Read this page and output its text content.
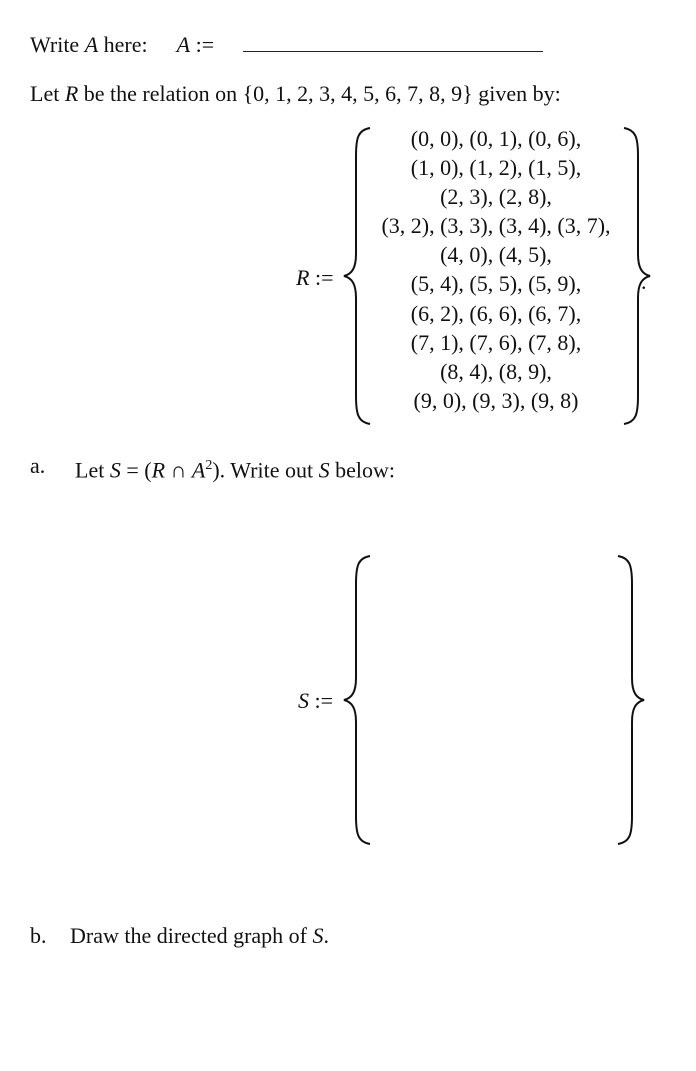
Write A here: A :=
Let R be the relation on {0, 1, 2, 3, 4, 5, 6, 7, 8, 9} given by:
R :=
(0, 0), (0, 1), (0, 6),
(1, 0), (1, 2), (1, 5),
(2, 3), (2, 8),
(3, 2), (3, 3), (3, 4), (3, 7),
(4, 0), (4, 5),
(5, 4), (5, 5), (5, 9),
(6, 2), (6, 6), (6, 7),
(7, 1), (7, 6), (7, 8),
(8, 4), (8, 9),
(9, 0), (9, 3), (9, 8)
.
a. Let S = (R ∩ $A^2$). Write out S below:
S :=
b. Draw the directed graph of S.
